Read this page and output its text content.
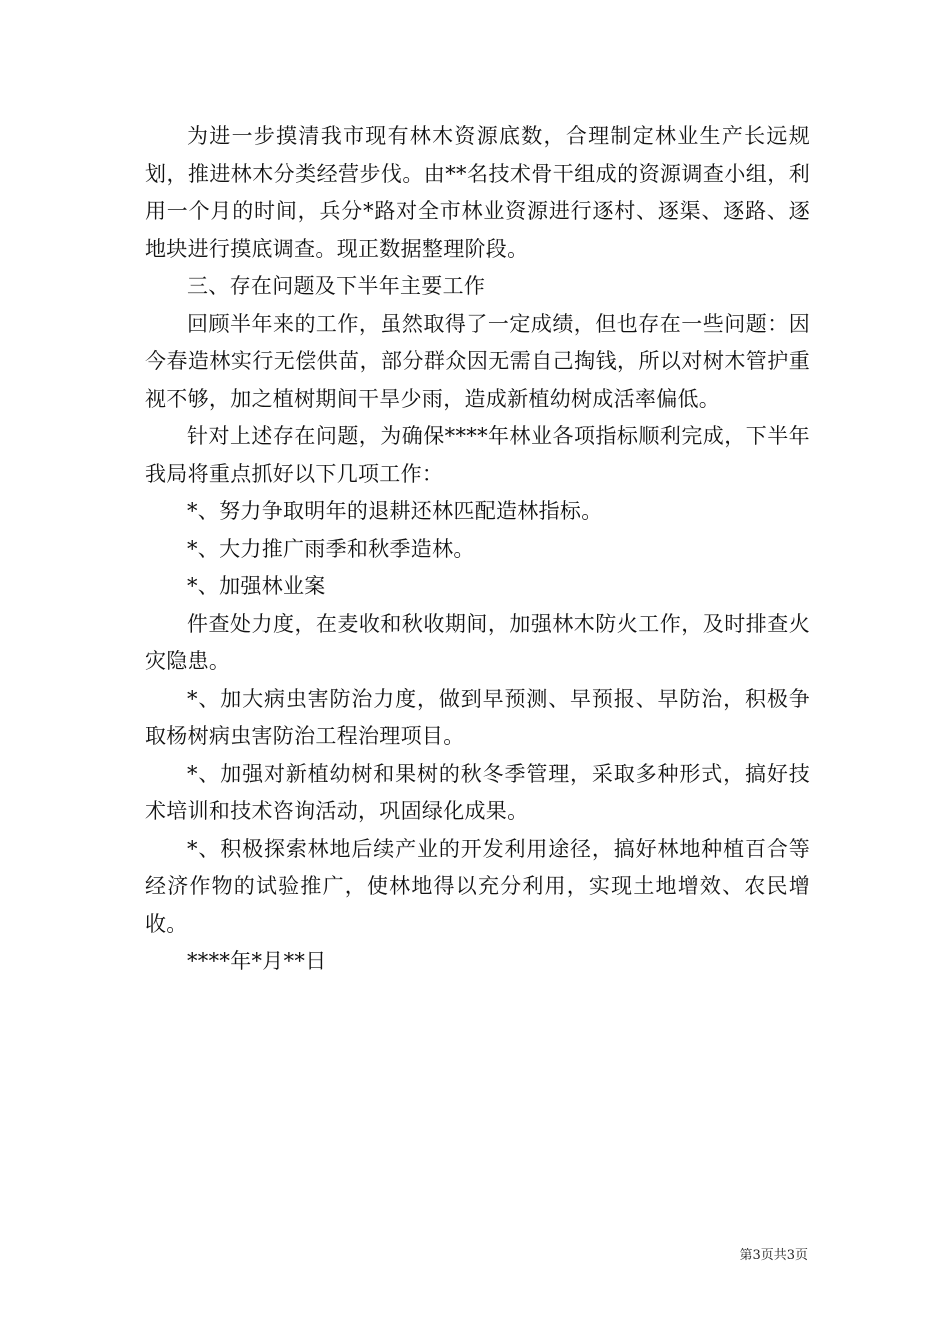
为进一步摸清我市现有林木资源底数，合理制定林业生产长远规划，推进林木分类经营步伐。由**名技术骨干组成的资源调查小组，利用一个月的时间，兵分*路对全市林业资源进行逐村、逐渠、逐路、逐地块进行摸底调查。现正数据整理阶段。

三、存在问题及下半年主要工作

回顾半年来的工作，虽然取得了一定成绩，但也存在一些问题：因今春造林实行无偿供苗，部分群众因无需自己掏钱，所以对树木管护重视不够，加之植树期间干旱少雨，造成新植幼树成活率偏低。

针对上述存在问题，为确保****年林业各项指标顺利完成，下半年我局将重点抓好以下几项工作：

*、努力争取明年的退耕还林匹配造林指标。

*、大力推广雨季和秋季造林。

*、加强林业案

件查处力度，在麦收和秋收期间，加强林木防火工作，及时排查火灾隐患。

*、加大病虫害防治力度，做到早预测、早预报、早防治，积极争取杨树病虫害防治工程治理项目。

*、加强对新植幼树和果树的秋冬季管理，采取多种形式，搞好技术培训和技术咨询活动，巩固绿化成果。

*、积极探索林地后续产业的开发利用途径，搞好林地种植百合等经济作物的试验推广，使林地得以充分利用，实现土地增效、农民增收。

****年*月**日

第3页共3页
